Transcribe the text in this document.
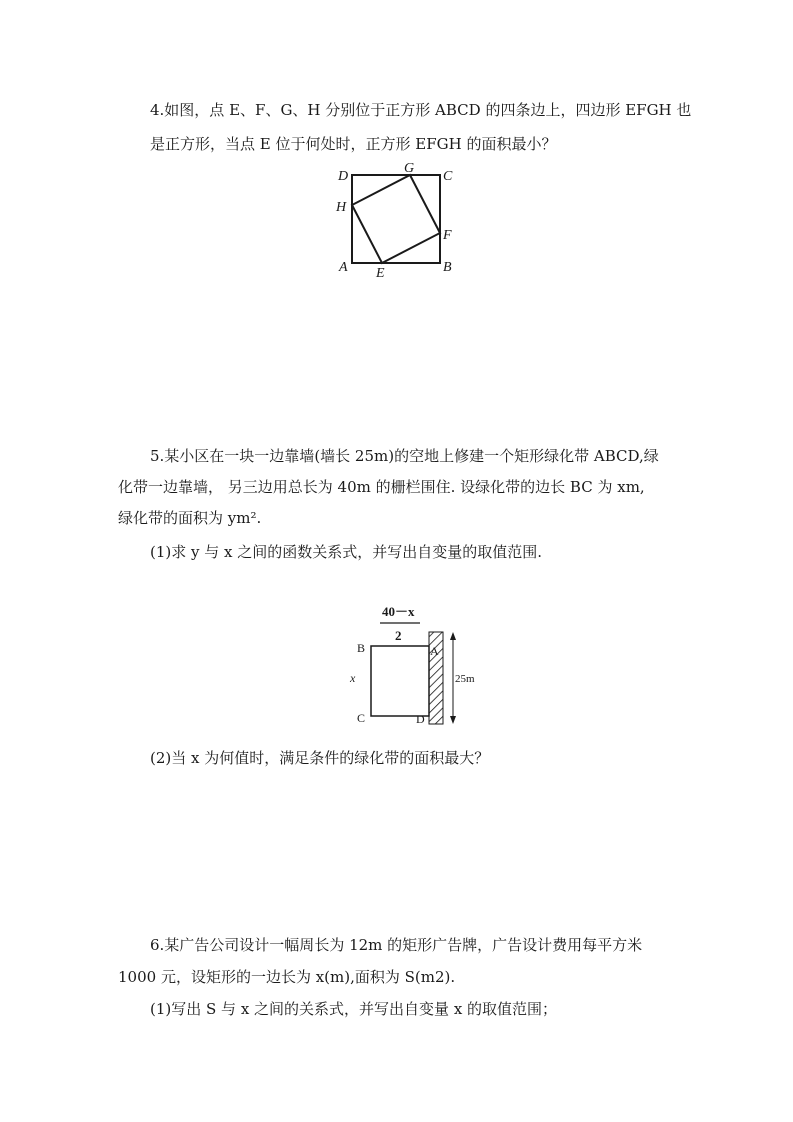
4.如图，点 E、F、G、H 分别位于正方形 ABCD 的四条边上，四边形 EFGH 也

是正方形，当点 E 位于何处时，正方形 EFGH 的面积最小？

D
G
C
H
F
A E	B

5.某小区在一块一边靠墙(墙长 25m)的空地上修建一个矩形绿化带 ABCD,绿

化带一边靠墙， 另三边用总长为 40m 的栅栏围住. 设绿化带的边长 BC 为 xm,

绿化带的面积为 ym².

(1)求 y 与 x 之间的函数关系式，并写出自变量的取值范围.

40－x
2
25m
B	A
x
C	D

(2)当 x 为何值时，满足条件的绿化带的面积最大？

6.某广告公司设计一幅周长为 12m 的矩形广告牌，广告设计费用每平方米

1000 元，设矩形的一边长为 x(m),面积为 S(m2).

(1)写出 S 与 x 之间的关系式，并写出自变量 x 的取值范围；
